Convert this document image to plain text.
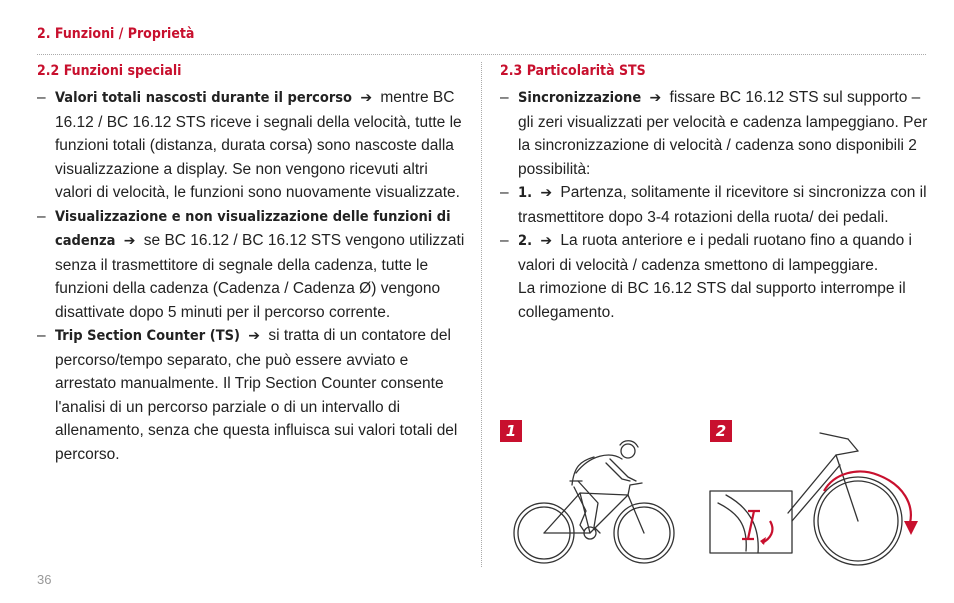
2. Funzioni / Proprietà
2.2 Funzioni speciali

– Valori totali nascosti durante il percorso ➔ mentre BC 16.12 / BC 16.12 STS riceve i segnali della velocità, tutte le funzioni totali (distanza, durata corsa) sono nascoste dalla visualizzazione a display. Se non vengono ricevuti altri valori di velocità, le funzioni sono nuovamente visualizzate.

– Visualizzazione e non visualizzazione delle funzioni di cadenza ➔ se BC 16.12 / BC 16.12 STS vengono utilizzati senza il trasmettitore di segnale della cadenza, tutte le funzioni della cadenza (Cadenza / Cadenza Ø) vengono disattivate dopo 5 minuti per il percorso corrente.

– Trip Section Counter (TS) ➔ si tratta di un contatore del percorso/tempo separato, che può essere avviato e arrestato manualmente. Il Trip Section Counter consente l'analisi di un percorso parziale o di un intervallo di allenamento, senza che questa influisca sui valori totali del percorso.

2.3 Particolarità STS

– Sincronizzazione ➔ fissare BC 16.12 STS sul supporto – gli zeri visualizzati per velocità e cadenza lampeggiano. Per la sincronizzazione di velocità / cadenza sono disponibili 2 possibilità:

– 1. ➔ Partenza, solitamente il ricevitore si sincronizza con il trasmettitore dopo 3-4 rotazioni della ruota/ dei pedali.

– 2. ➔ La ruota anteriore e i pedali ruotano fino a quando i valori di velocità / cadenza smettono di lampeggiare.

La rimozione di BC 16.12 STS dal supporto interrompe il collegamento.
1	2
36
